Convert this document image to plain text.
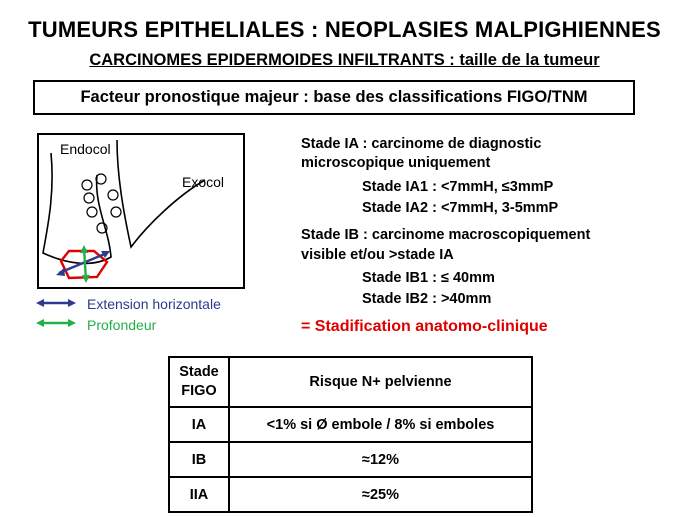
TUMEURS EPITHELIALES : NEOPLASIES MALPIGHIENNES
CARCINOMES EPIDERMOIDES INFILTRANTS : taille de la tumeur
Facteur pronostique majeur : base des classifications FIGO/TNM
Endocol
Exocol
Extension horizontale
Profondeur
Stade IA : carcinome de diagnostic
microscopique uniquement
Stade IA1 : <7mmH, ≤3mmP
Stade IA2 : <7mmH, 3-5mmP
Stade IB : carcinome macroscopiquement
visible et/ou >stade IA
Stade IB1 : ≤ 40mm
Stade IB2 : >40mm
= Stadification anatomo-clinique
Stade
FIGO	Risque N+ pelvienne
IA	<1% si Ø embole / 8% si emboles
IB	≈12%
IIA	≈25%
